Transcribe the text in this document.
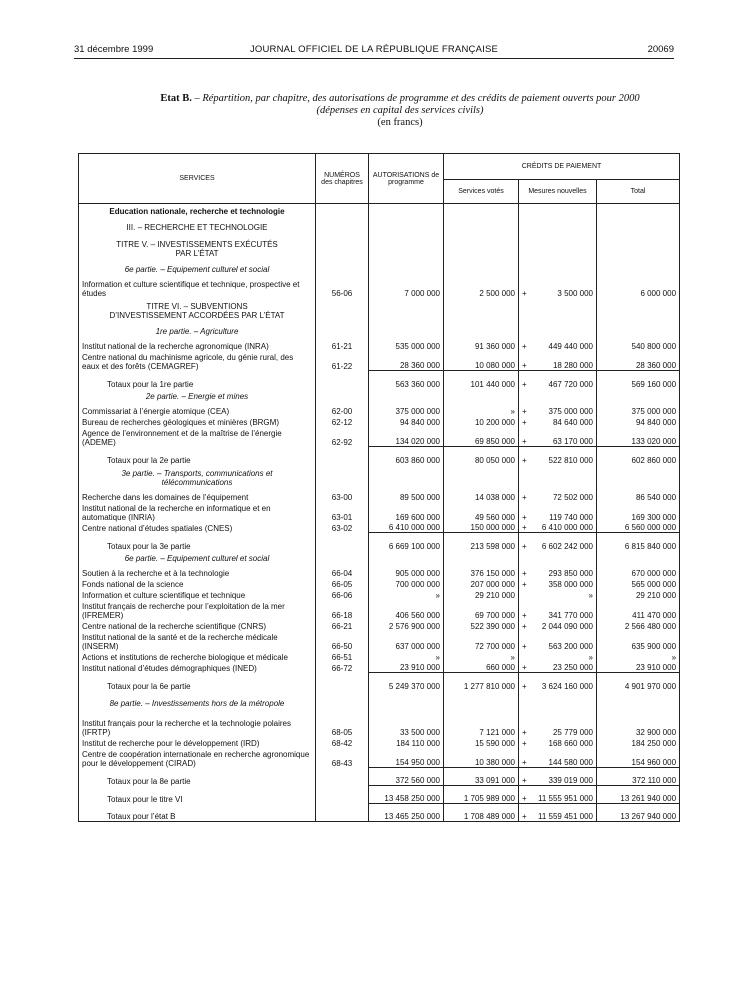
31 décembre 1999	JOURNAL OFFICIEL DE LA RÉPUBLIQUE FRANÇAISE	20069
Etat B. – Répartition, par chapitre, des autorisations de programme et des crédits de paiement ouverts pour 2000
(dépenses en capital des services civils)
(en francs)
SERVICES	NUMÉROS des chapitres	AUTORISATIONS de programme	CRÉDITS DE PAIEMENT		
			Services votés	Mesures nouvelles	Total
Education nationale, recherche et technologie					
III. – RECHERCHE ET TECHNOLOGIE					
TITRE V. – INVESTISSEMENTS EXÉCUTÉS PAR L’ÉTAT					
6e partie. – Equipement culturel et social					
Information et culture scientifique et technique, prospective et études	56-06	7 000 000	2 500 000	+ 3 500 000	6 000 000
TITRE VI. – SUBVENTIONS D’INVESTISSEMENT ACCORDÉES PAR L’ÉTAT					
1re partie. – Agriculture					
Institut national de la recherche agronomique (INRA)	61-21	535 000 000	91 360 000	+ 449 440 000	540 800 000
Centre national du machinisme agricole, du génie rural, des eaux et des forêts (CEMAGREF)	61-22	28 360 000	10 080 000	+ 18 280 000	28 360 000
Totaux pour la 1re partie		563 360 000	101 440 000	+ 467 720 000	569 160 000
2e partie. – Energie et mines					
Commissariat à l’énergie atomique (CEA)	62-00	375 000 000	»	+ 375 000 000	375 000 000
Bureau de recherches géologiques et minières (BRGM)	62-12	94 840 000	10 200 000	+ 84 640 000	94 840 000
Agence de l’environnement et de la maîtrise de l’énergie (ADEME)	62-92	134 020 000	69 850 000	+ 63 170 000	133 020 000
Totaux pour la 2e partie		603 860 000	80 050 000	+ 522 810 000	602 860 000
3e partie. – Transports, communications et télécommunications					
Recherche dans les domaines de l’équipement	63-00	89 500 000	14 038 000	+ 72 502 000	86 540 000
Institut national de la recherche en informatique et en automatique (INRIA)	63-01	169 600 000	49 560 000	+ 119 740 000	169 300 000
Centre national d’études spatiales (CNES)	63-02	6 410 000 000	150 000 000	+ 6 410 000 000	6 560 000 000
Totaux pour la 3e partie		6 669 100 000	213 598 000	+ 6 602 242 000	6 815 840 000
6e partie. – Equipement culturel et social					
Soutien à la recherche et à la technologie	66-04	905 000 000	376 150 000	+ 293 850 000	670 000 000
Fonds national de la science	66-05	700 000 000	207 000 000	+ 358 000 000	565 000 000
Information et culture scientifique et technique	66-06	»	29 210 000	»	29 210 000
Institut français de recherche pour l’exploitation de la mer (IFREMER)	66-18	406 560 000	69 700 000	+ 341 770 000	411 470 000
Centre national de la recherche scientifique (CNRS)	66-21	2 576 900 000	522 390 000	+ 2 044 090 000	2 566 480 000
Institut national de la santé et de la recherche médicale (INSERM)	66-50	637 000 000	72 700 000	+ 563 200 000	635 900 000
Actions et institutions de recherche biologique et médicale	66-51	»	»	»	»
Institut national d’études démographiques (INED)	66-72	23 910 000	660 000	+ 23 250 000	23 910 000
Totaux pour la 6e partie		5 249 370 000	1 277 810 000	+ 3 624 160 000	4 901 970 000
8e partie. – Investissements hors de la métropole					
Institut français pour la recherche et la technologie polaires (IFRTP)	68-05	33 500 000	7 121 000	+ 25 779 000	32 900 000
Institut de recherche pour le développement (IRD)	68-42	184 110 000	15 590 000	+ 168 660 000	184 250 000
Centre de coopération internationale en recherche agronomique pour le développement (CIRAD)	68-43	154 950 000	10 380 000	+ 144 580 000	154 960 000
Totaux pour la 8e partie		372 560 000	33 091 000	+ 339 019 000	372 110 000
Totaux pour le titre VI		13 458 250 000	1 705 989 000	+ 11 555 951 000	13 261 940 000
Totaux pour l’état B		13 465 250 000	1 708 489 000	+ 11 559 451 000	13 267 940 000
